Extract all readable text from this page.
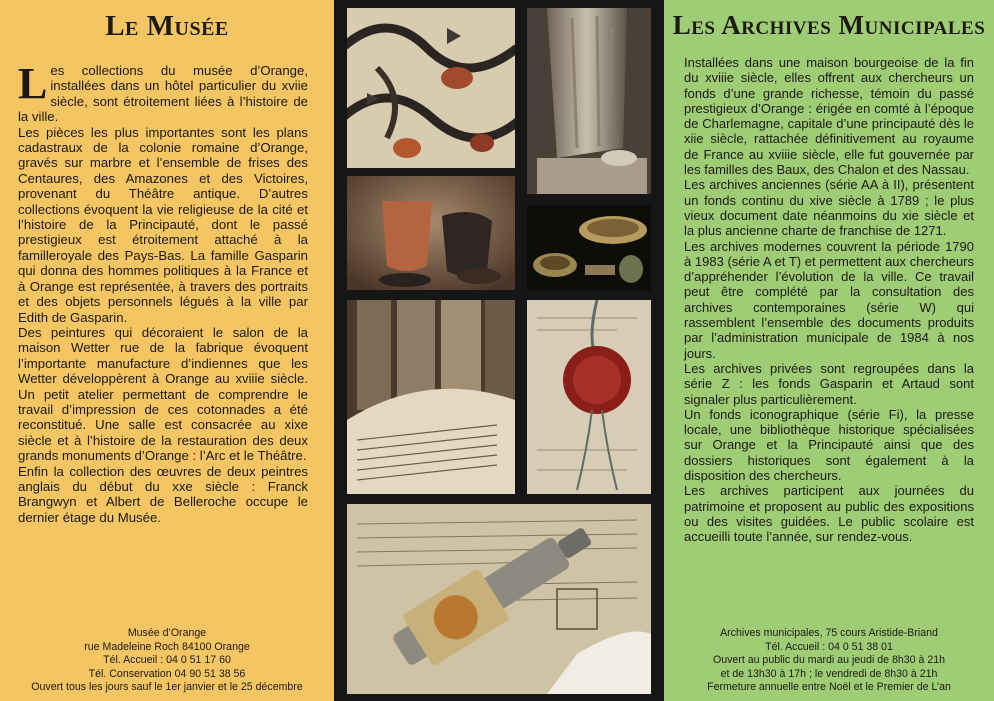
Le Musée

Les collections du musée d’Orange, installées dans un hôtel particulier du xviie siècle, sont étroitement liées à l’histoire de la ville.

Les pièces les plus importantes sont les plans cadastraux de la colonie romaine d’Orange, gravés sur marbre et l’ensemble de frises des Centaures, des Amazones et des Victoires, provenant du Théâtre antique. D’autres collections évoquent la vie religieuse de la cité et l’histoire de la Principauté, dont le passé prestigieux est étroitement attaché à la familleroyale des Pays-Bas. La famille Gasparin qui donna des hommes politiques à la France et à Orange est représentée, à travers des portraits et des objets personnels légués à la ville par Edith de Gasparin.

Des peintures qui décoraient le salon de la maison Wetter rue de la fabrique évoquent l’importante manufacture d’indiennes que les Wetter développèrent à Orange au xviiie siècle. Un petit atelier permettant de comprendre le travail d’impression de ces cotonnades a été reconstitué. Une salle est consacrée au xixe siècle et à l’histoire de la restauration des deux grands monuments d’Orange : l’Arc et le Théâtre.

Enfin la collection des œuvres de deux peintres anglais du début du xxe siècle : Franck Brangwyn et Albert de Belleroche occupe le dernier étage du Musée.

Musée d’Orange
rue Madeleine Roch 84100 Orange
Tél. Accueil : 04 0 51 17 60
Tél. Conservation 04 90 51 38 56
Ouvert tous les jours sauf le 1er janvier et le 25 décembre
Les Archives Municipales

Installées dans une maison bourgeoise de la fin du xviiie siècle, elles offrent aux chercheurs un fonds d’une grande richesse, témoin du passé prestigieux d’Orange : érigée en comté à l’époque de Charlemagne, capitale d’une principauté dès le xiie siècle, rattachée définitivement au royaume de France au xviiie siècle, elle fut gouvernée par les familles des Baux, des Chalon et des Nassau.

Les archives anciennes (série AA à II), présentent un fonds continu du xive siècle à 1789 ; le plus vieux document date néanmoins du xie siècle et la plus ancienne charte de franchise de 1271.

Les archives modernes couvrent la période 1790 à 1983 (série A et T) et permettent aux chercheurs d’appréhender l’évolution de la ville. Ce travail peut être complété par la consultation des archives contemporaines (série W) qui rassemblent l’ensemble des documents produits par l’administration municipale de 1984 à nos jours.

Les archives privées sont regroupées dans la série Z : les fonds Gasparin et Artaud sont signaler plus particulièrement.

Un fonds iconographique (série Fi), la presse locale, une bibliothèque historique spécialisées sur Orange et la Principauté ainsi que des dossiers historiques sont également à la disposition des chercheurs.

Les archives participent aux journées du patrimoine et proposent au public des expositions ou des visites guidées. Le public scolaire est accueilli toute l’année, sur rendez-vous.

Archives municipales, 75 cours Aristide-Briand
Tél. Accueil : 04 0 51 38 01
Ouvert au public du mardi au jeudi de 8h30 à 21h
et de 13h30 à 17h ; le vendredi de 8h30 à 21h
Fermeture annuelle entre Noël et le Premier de L’an
